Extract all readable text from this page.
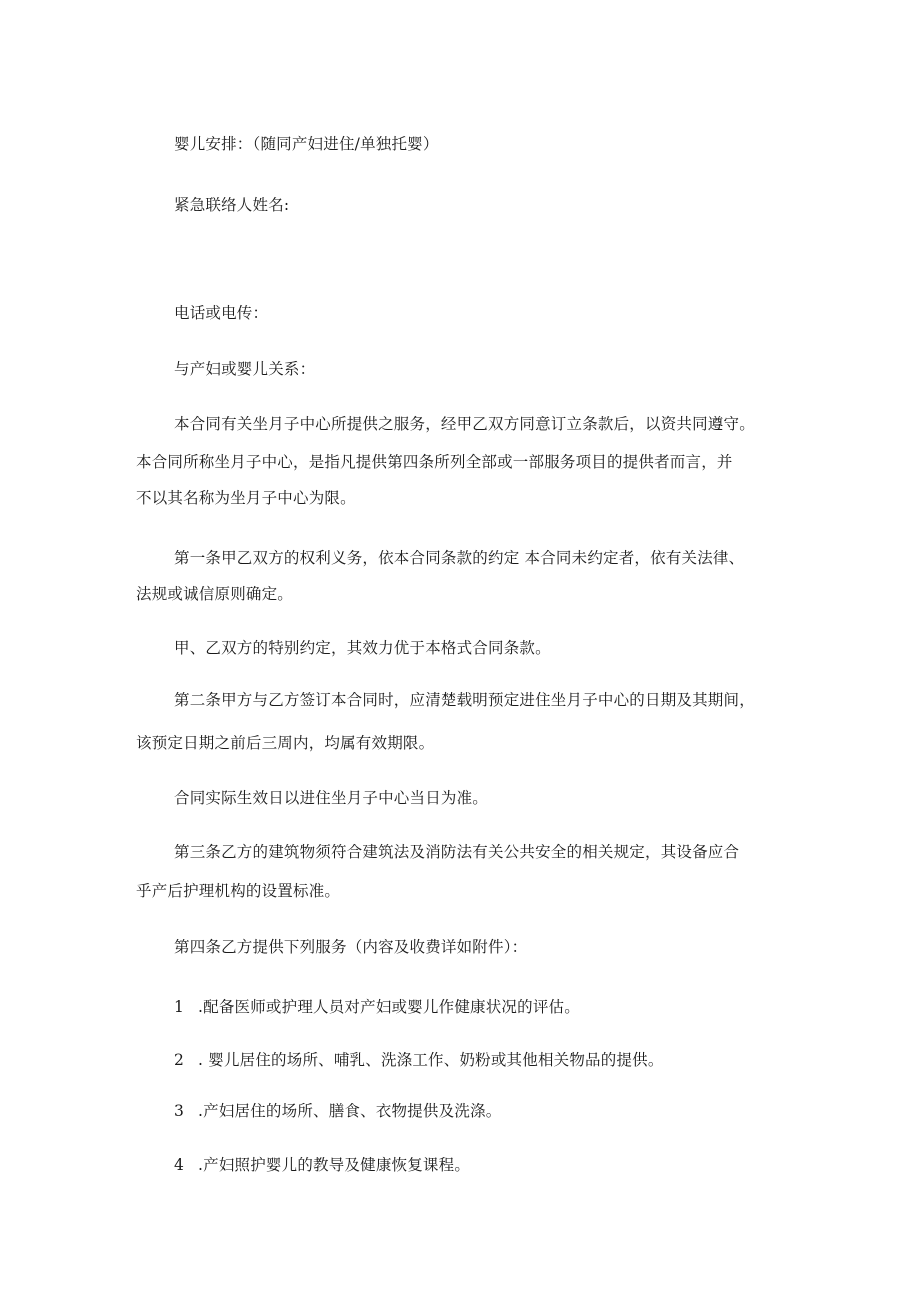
婴儿安排：（随同产妇进住/单独托婴）
紧急联络人姓名:
电话或电传：
与产妇或婴儿关系：
本合同有关坐月子中心所提供之服务，经甲乙双方同意订立条款后，以资共同遵守。
本合同所称坐月子中心，是指凡提供第四条所列全部或一部服务项目的提供者而言，并
不以其名称为坐月子中心为限。
第一条甲乙双方的权利义务，依本合同条款的约定 本合同未约定者，依有关法律、
法规或诚信原则确定。
甲、乙双方的特别约定，其效力优于本格式合同条款。
第二条甲方与乙方签订本合同时，应清楚载明预定进住坐月子中心的日期及其期间，
该预定日期之前后三周内，均属有效期限。
合同实际生效日以进住坐月子中心当日为准。
第三条乙方的建筑物须符合建筑法及消防法有关公共安全的相关规定，其设备应合
乎产后护理机构的设置标准。
第四条乙方提供下列服务（内容及收费详如附件）：
1 .配备医师或护理人员对产妇或婴儿作健康状况的评估。
2 . 婴儿居住的场所、哺乳、洗涤工作、奶粉或其他相关物品的提供。
3 .产妇居住的场所、膳食、衣物提供及洗涤。
4 .产妇照护婴儿的教导及健康恢复课程。
